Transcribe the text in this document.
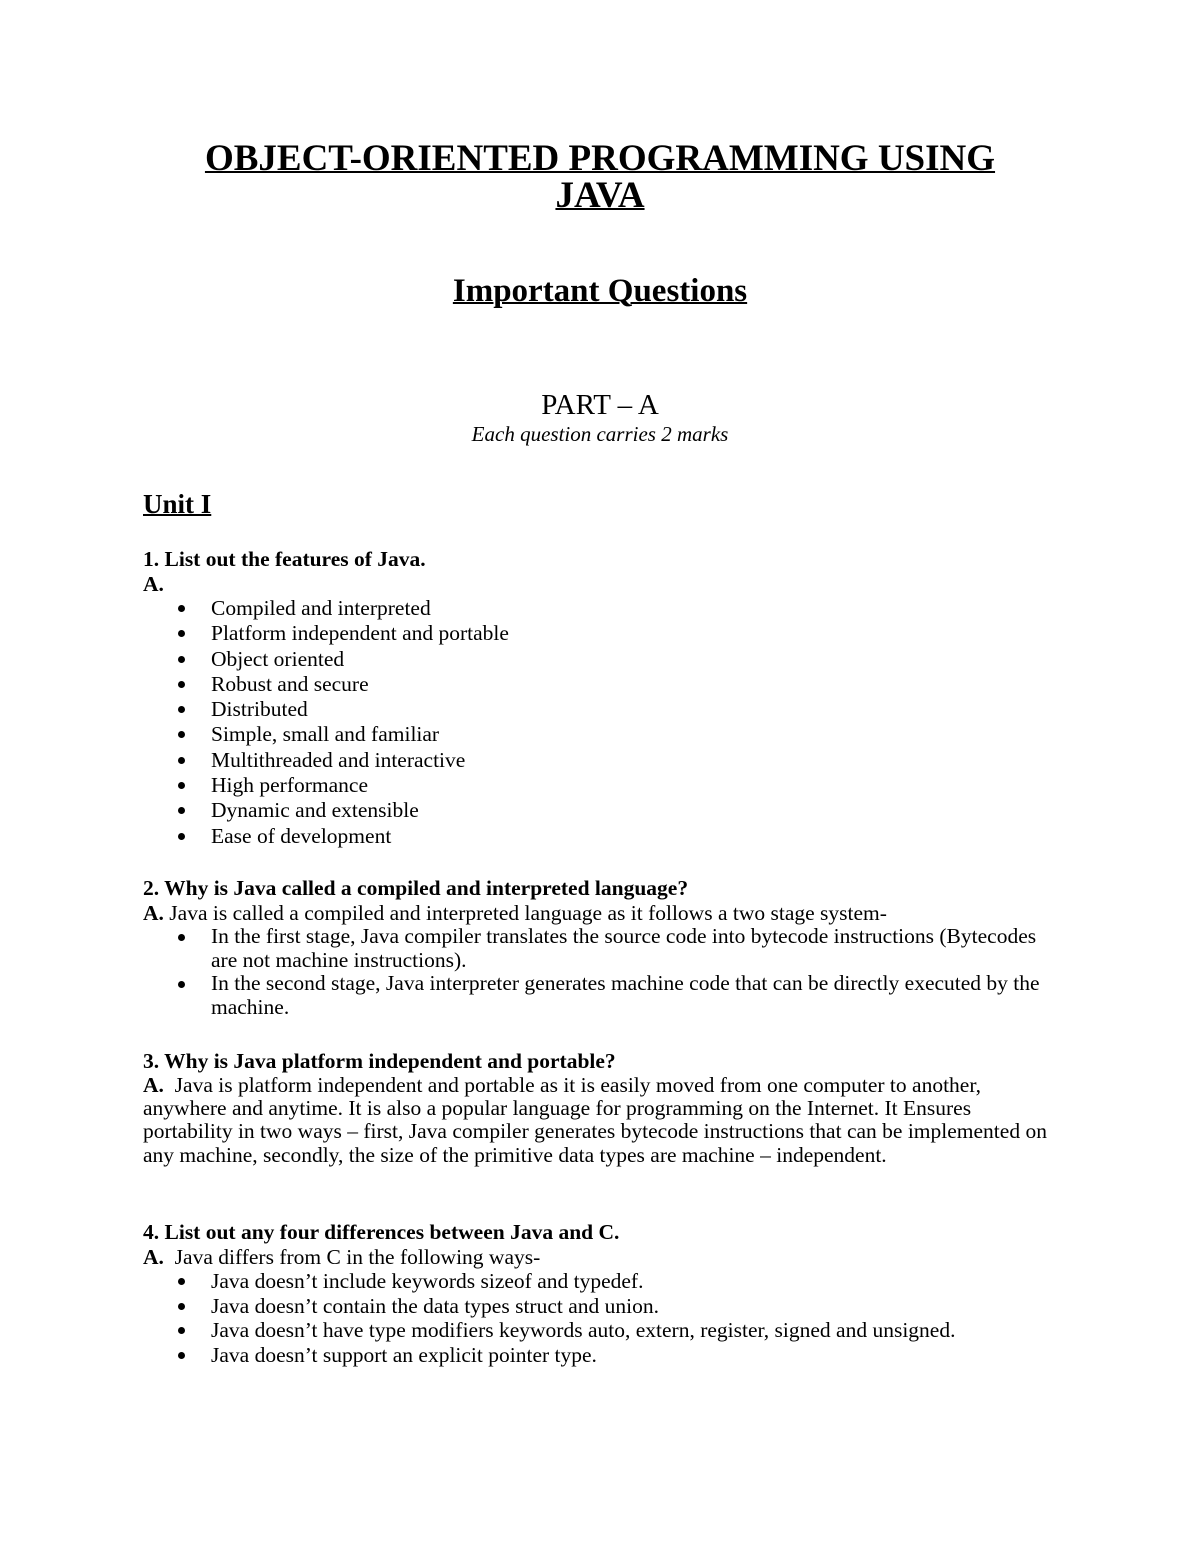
OBJECT-ORIENTED PROGRAMMING USING
JAVA
Important Questions
PART – A
Each question carries 2 marks
Unit I
1. List out the features of Java.
A.
Compiled and interpreted
Platform independent and portable
Object oriented
Robust and secure
Distributed
Simple, small and familiar
Multithreaded and interactive
High performance
Dynamic and extensible
Ease of development
2. Why is Java called a compiled and interpreted language?
A. Java is called a compiled and interpreted language as it follows a two stage system-
In the first stage, Java compiler translates the source code into bytecode instructions (Bytecodes are not machine instructions).
In the second stage, Java interpreter generates machine code that can be directly executed by the machine.
3. Why is Java platform independent and portable?
A.  Java is platform independent and portable as it is easily moved from one computer to another, anywhere and anytime. It is also a popular language for programming on the Internet. It Ensures portability in two ways – first, Java compiler generates bytecode instructions that can be implemented on any machine, secondly, the size of the primitive data types are machine – independent.
4. List out any four differences between Java and C.
A.  Java differs from C in the following ways-
Java doesn’t include keywords sizeof and typedef.
Java doesn’t contain the data types struct and union.
Java doesn’t have type modifiers keywords auto, extern, register, signed and unsigned.
Java doesn’t support an explicit pointer type.
